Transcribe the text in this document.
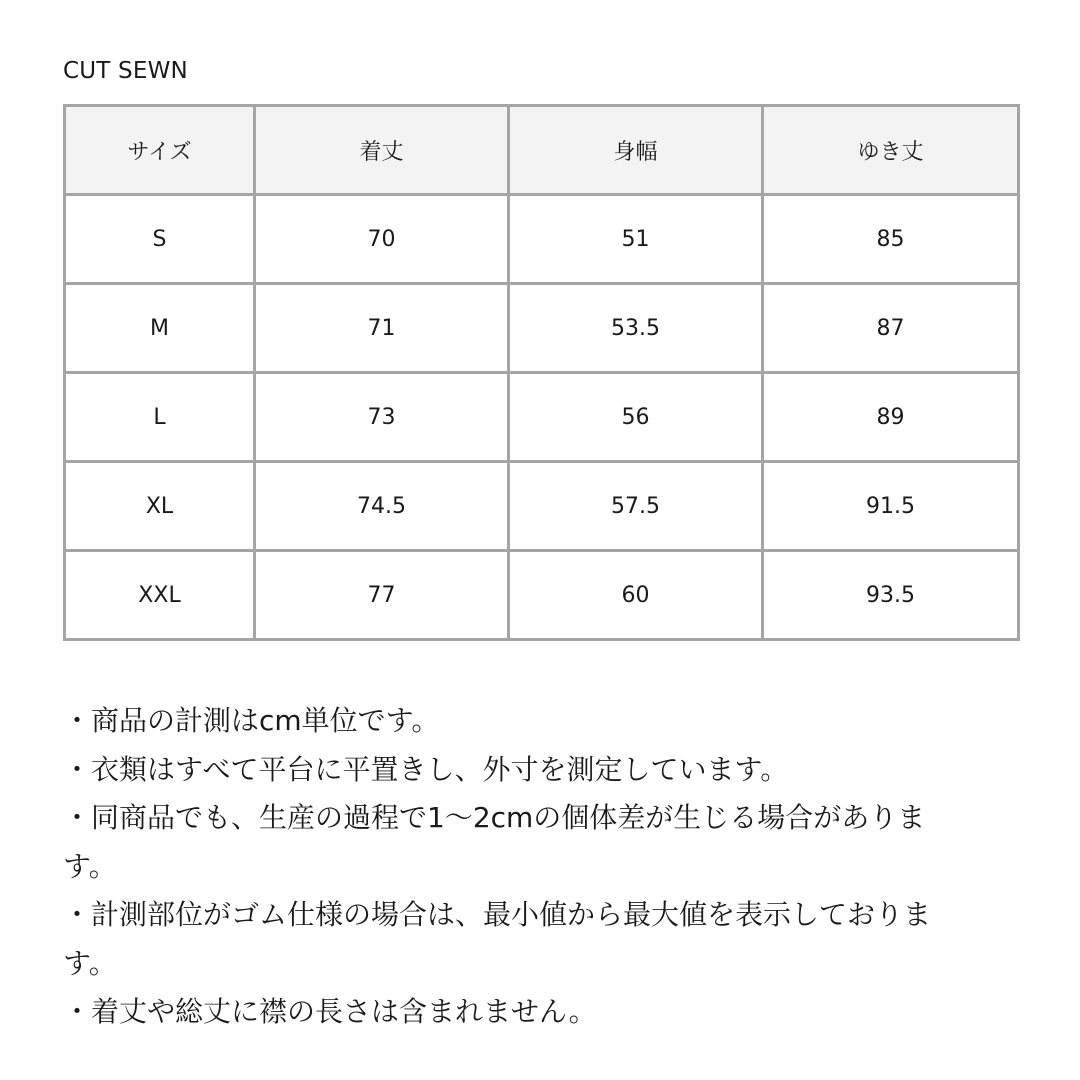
CUT SEWN
サイズ	着丈	身幅	ゆき丈
S	70	51	85
M	71	53.5	87
L	73	56	89
XL	74.5	57.5	91.5
XXL	77	60	93.5
・商品の計測はcm単位です。
・衣類はすべて平台に平置きし、外寸を測定しています。
・同商品でも、生産の過程で1〜2cmの個体差が生じる場合がありま
す。
・計測部位がゴム仕様の場合は、最小値から最大値を表示しておりま
す。
・着丈や総丈に襟の長さは含まれません。
